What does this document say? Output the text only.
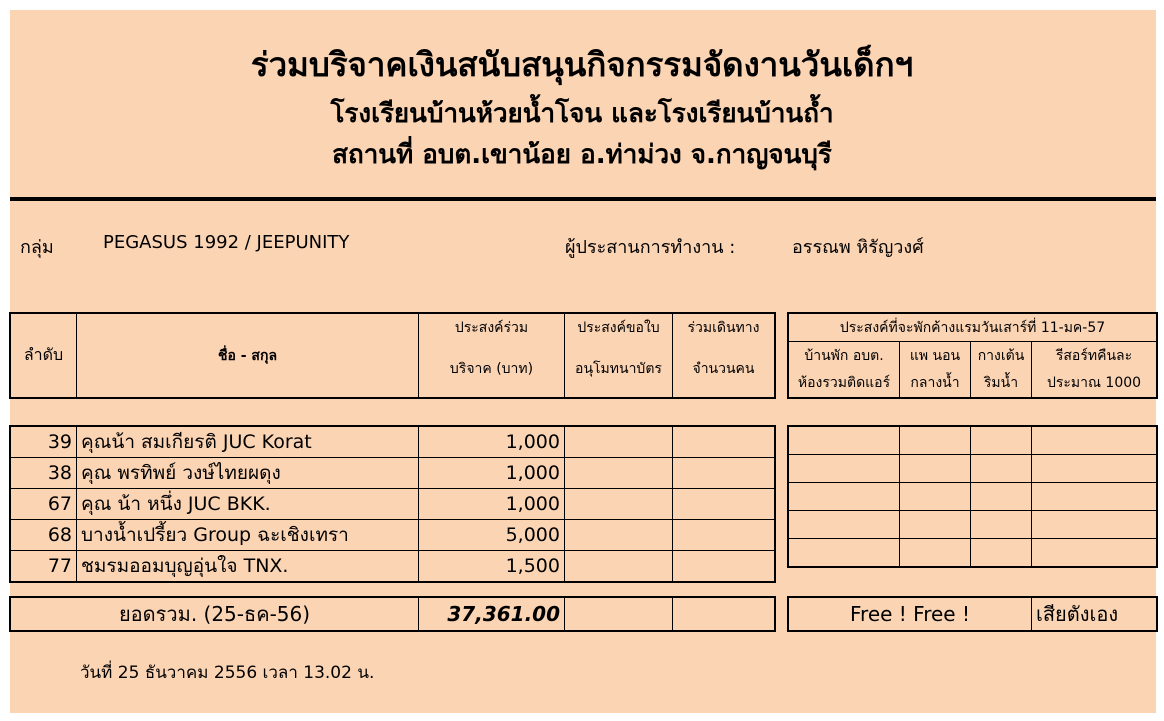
ร่วมบริจาคเงินสนับสนุนกิจกรรมจัดงานวันเด็กฯ
โรงเรียนบ้านห้วยน้ำโจน และโรงเรียนบ้านถ้ำ
สถานที่ อบต.เขาน้อย อ.ท่าม่วง จ.กาญจนบุรี
กลุ่ม	PEGASUS 1992 / JEEPUNITY	ผู้ประสานการทำงาน :	อรรณพ หิรัญวงศ์
ลำดับ	ชื่อ - สกุล	ประสงค์ร่วม	ประสงค์ขอใบ	ร่วมเดินทาง
		บริจาค (บาท)	อนุโมทนาบัตร	จำนวนคน
ประสงค์ที่จะพักค้างแรมวันเสาร์ที่ 11-มค-57			
บ้านพัก อบต.	แพ นอน	กางเต้น	รีสอร์ทคืนละ
ห้องรวมติดแอร์	กลางน้ำ	ริมน้ำ	ประมาณ 1000
39	คุณน้า สมเกียรติ JUC Korat	1,000		
38	คุณ พรทิพย์ วงษ์ไทยผดุง	1,000		
67	คุณ น้า หนึ่ง JUC BKK.	1,000		
68	บางน้ำเปรี้ยว Group ฉะเชิงเทรา	5,000		
77	ชมรมออมบุญอุ่นใจ TNX.	1,500		

ยอดรวม. (25-ธค-56)	37,361.00			Free ! Free !	เสียตังเอง
วันที่ 25 ธันวาคม 2556 เวลา 13.02 น.
